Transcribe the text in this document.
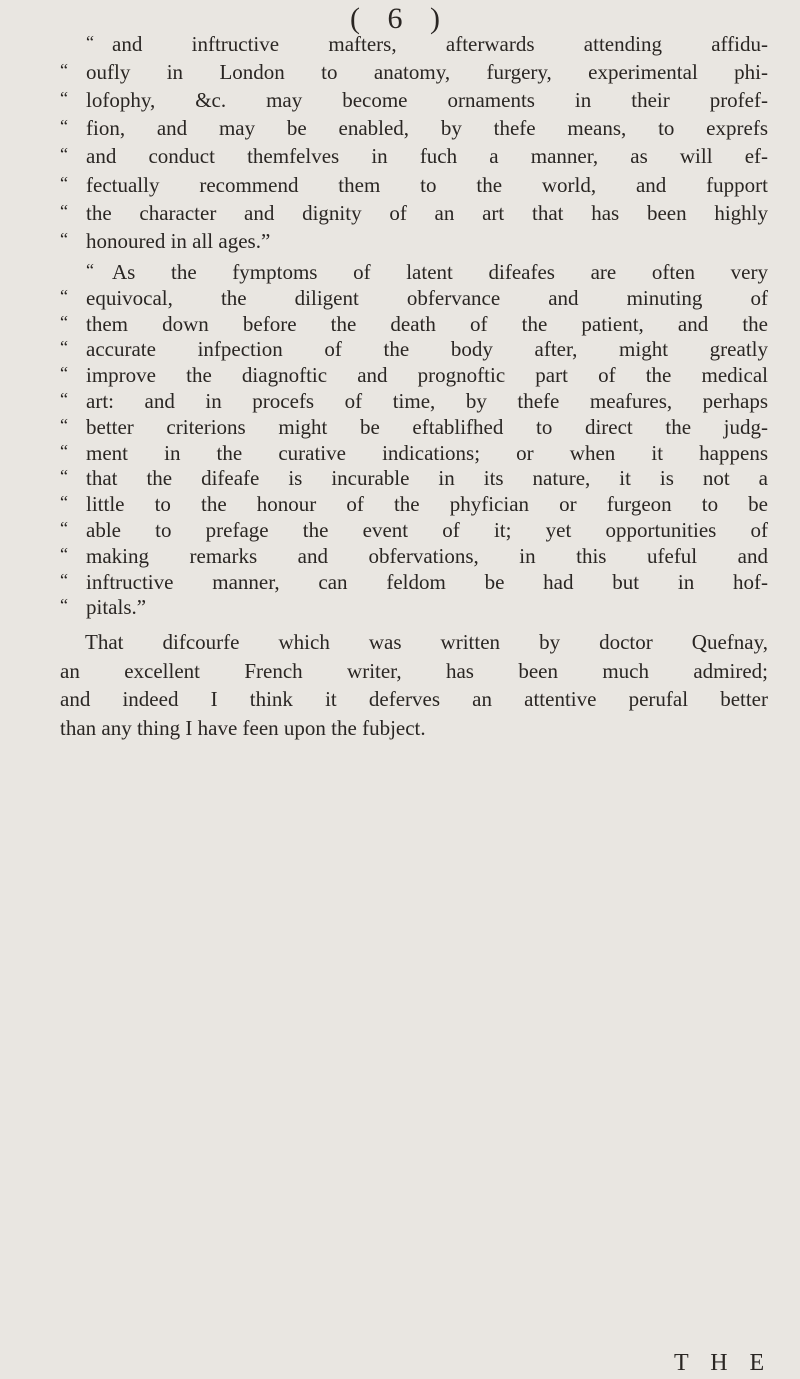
( 6 )
“ and inftructive mafters, afterwards attending affidu-
“ oufly in London to anatomy, furgery, experimental phi-
“ lofophy, &c. may become ornaments in their profef-
“ fion, and may be enabled, by thefe means, to exprefs
“ and conduct themfelves in fuch a manner, as will ef-
“ fectually recommend them to the world, and fupport
“ the character and dignity of an art that has been highly
“ honoured in all ages.”
“ As the fymptoms of latent difeafes are often very
“ equivocal, the diligent obfervance and minuting of
“ them down before the death of the patient, and the
“ accurate infpection of the body after, might greatly
“ improve the diagnoftic and prognoftic part of the medical
“ art: and in procefs of time, by thefe meafures, perhaps
“ better criterions might be eftablifhed to direct the judg-
“ ment in the curative indications; or when it happens
“ that the difeafe is incurable in its nature, it is not a
“ little to the honour of the phyfician or furgeon to be
“ able to prefage the event of it; yet opportunities of
“ making remarks and obfervations, in this ufeful and
“ inftructive manner, can feldom be had but in hof-
“ pitals.”
That difcourfe which was written by doctor Quefnay,
an excellent French writer, has been much admired;
and indeed I think it deferves an attentive perufal better
than any thing I have feen upon the fubject.
T H E
